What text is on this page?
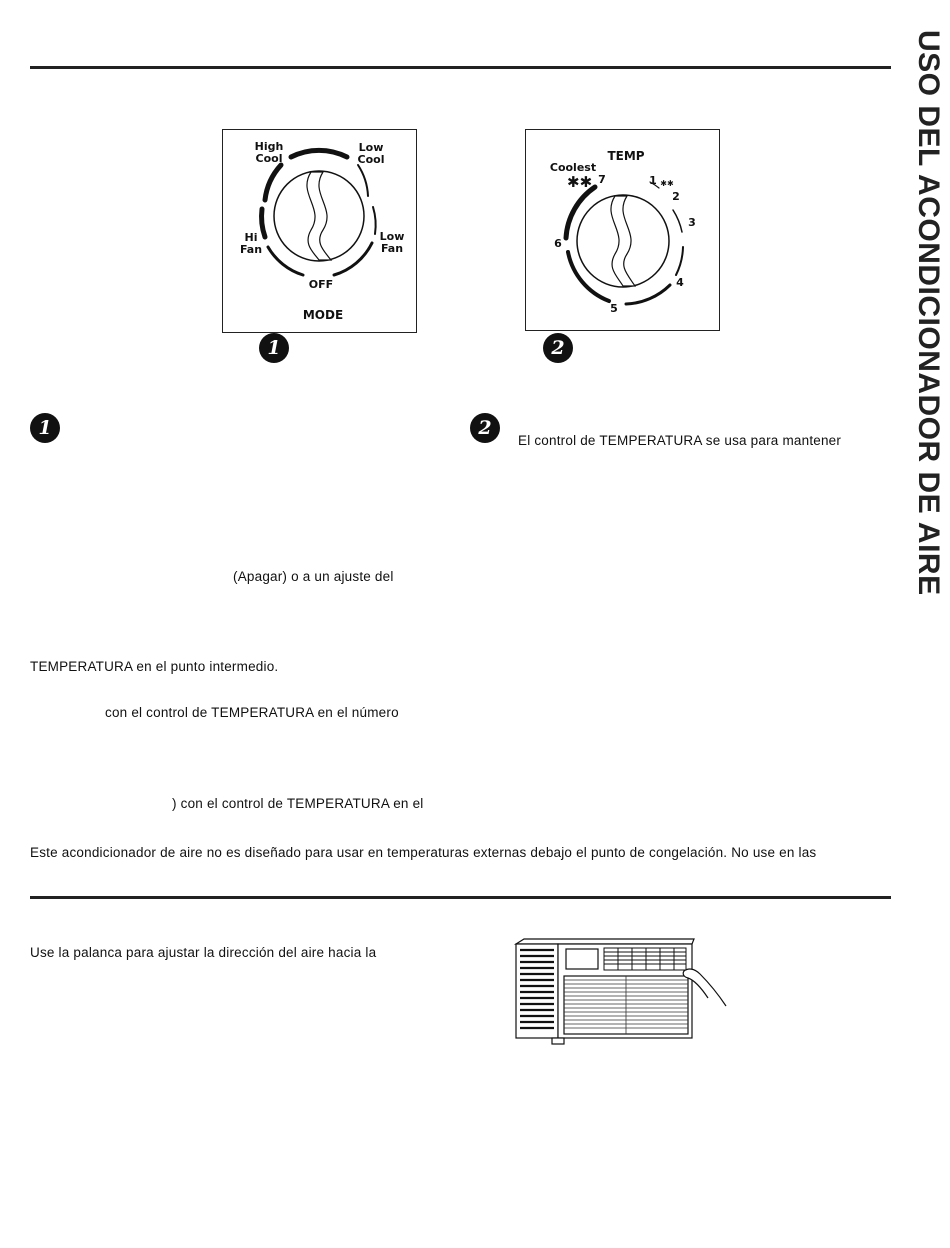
USO DEL ACONDICIONADOR DE AIRE
High
Cool
Low
Cool
Hi
Fan
Low
Fan
OFF
MODE
1
TEMP
Coolest
✱✱ 7	1 ✱✱
2
3
4
5
6
2
1	2
El control de TEMPERATURA se usa para mantener
(Apagar) o a un ajuste del
TEMPERATURA en el punto intermedio.
con el control de TEMPERATURA en el número
) con el control de TEMPERATURA en el
Este acondicionador de aire no es diseñado para usar en temperaturas externas debajo el punto de congelación. No use en las
Use la palanca para ajustar la dirección del aire hacia la
